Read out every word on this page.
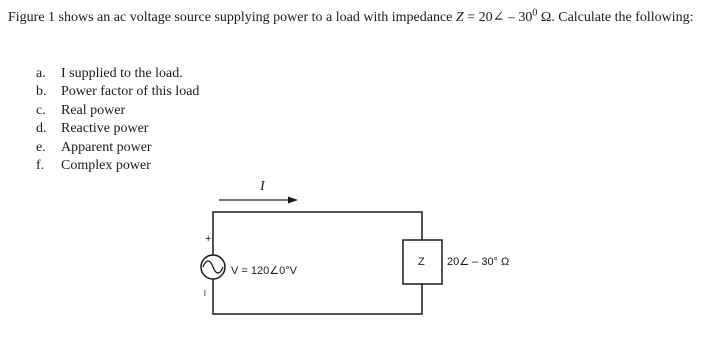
Figure 1 shows an ac voltage source supplying power to a load with impedance Z = 20∠ – $30^0$ Ω. Calculate the following:
a. I supplied to the load.
b. Power factor of this load
c. Real power
d. Reactive power
e. Apparent power
f. Complex power
I
+
–
V = 120∠0°V
Z 20∠ – 30° Ω
